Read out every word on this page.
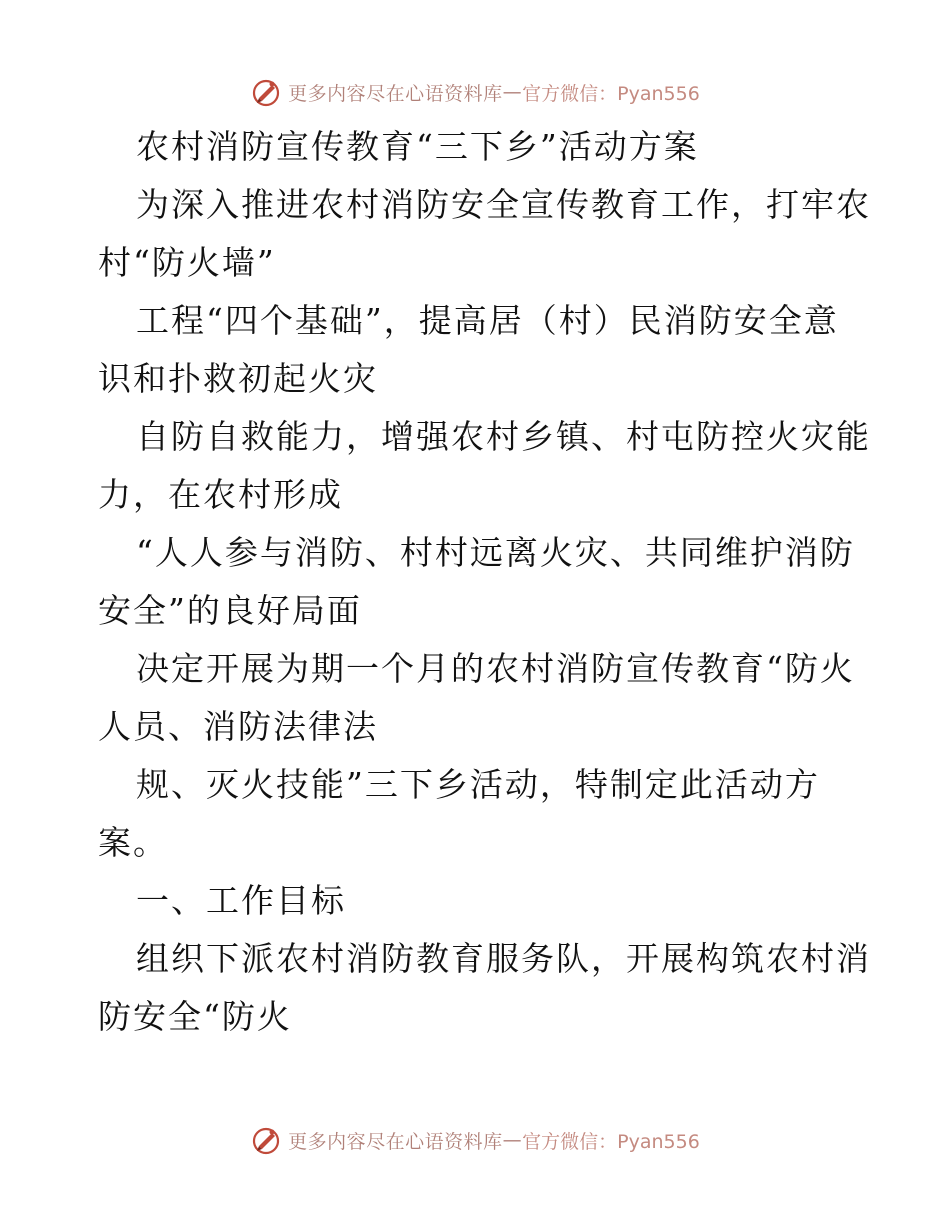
更多内容尽在心语资料库 — 官方微信：Pyan556
农村消防宣传教育“三下乡”活动方案
为深入推进农村消防安全宣传教育工作，打牢农
村“防火墙”
工程“四个基础”，提高居（村）民消防安全意
识和扑救初起火灾
自防自救能力，增强农村乡镇、村屯防控火灾能
力，在农村形成
“人人参与消防、村村远离火灾、共同维护消防
安全”的良好局面
决定开展为期一个月的农村消防宣传教育“防火
人员、消防法律法
规、灭火技能”三下乡活动，特制定此活动方
案。
一、工作目标
组织下派农村消防教育服务队，开展构筑农村消
防安全“防火
更多内容尽在心语资料库 — 官方微信：Pyan556
